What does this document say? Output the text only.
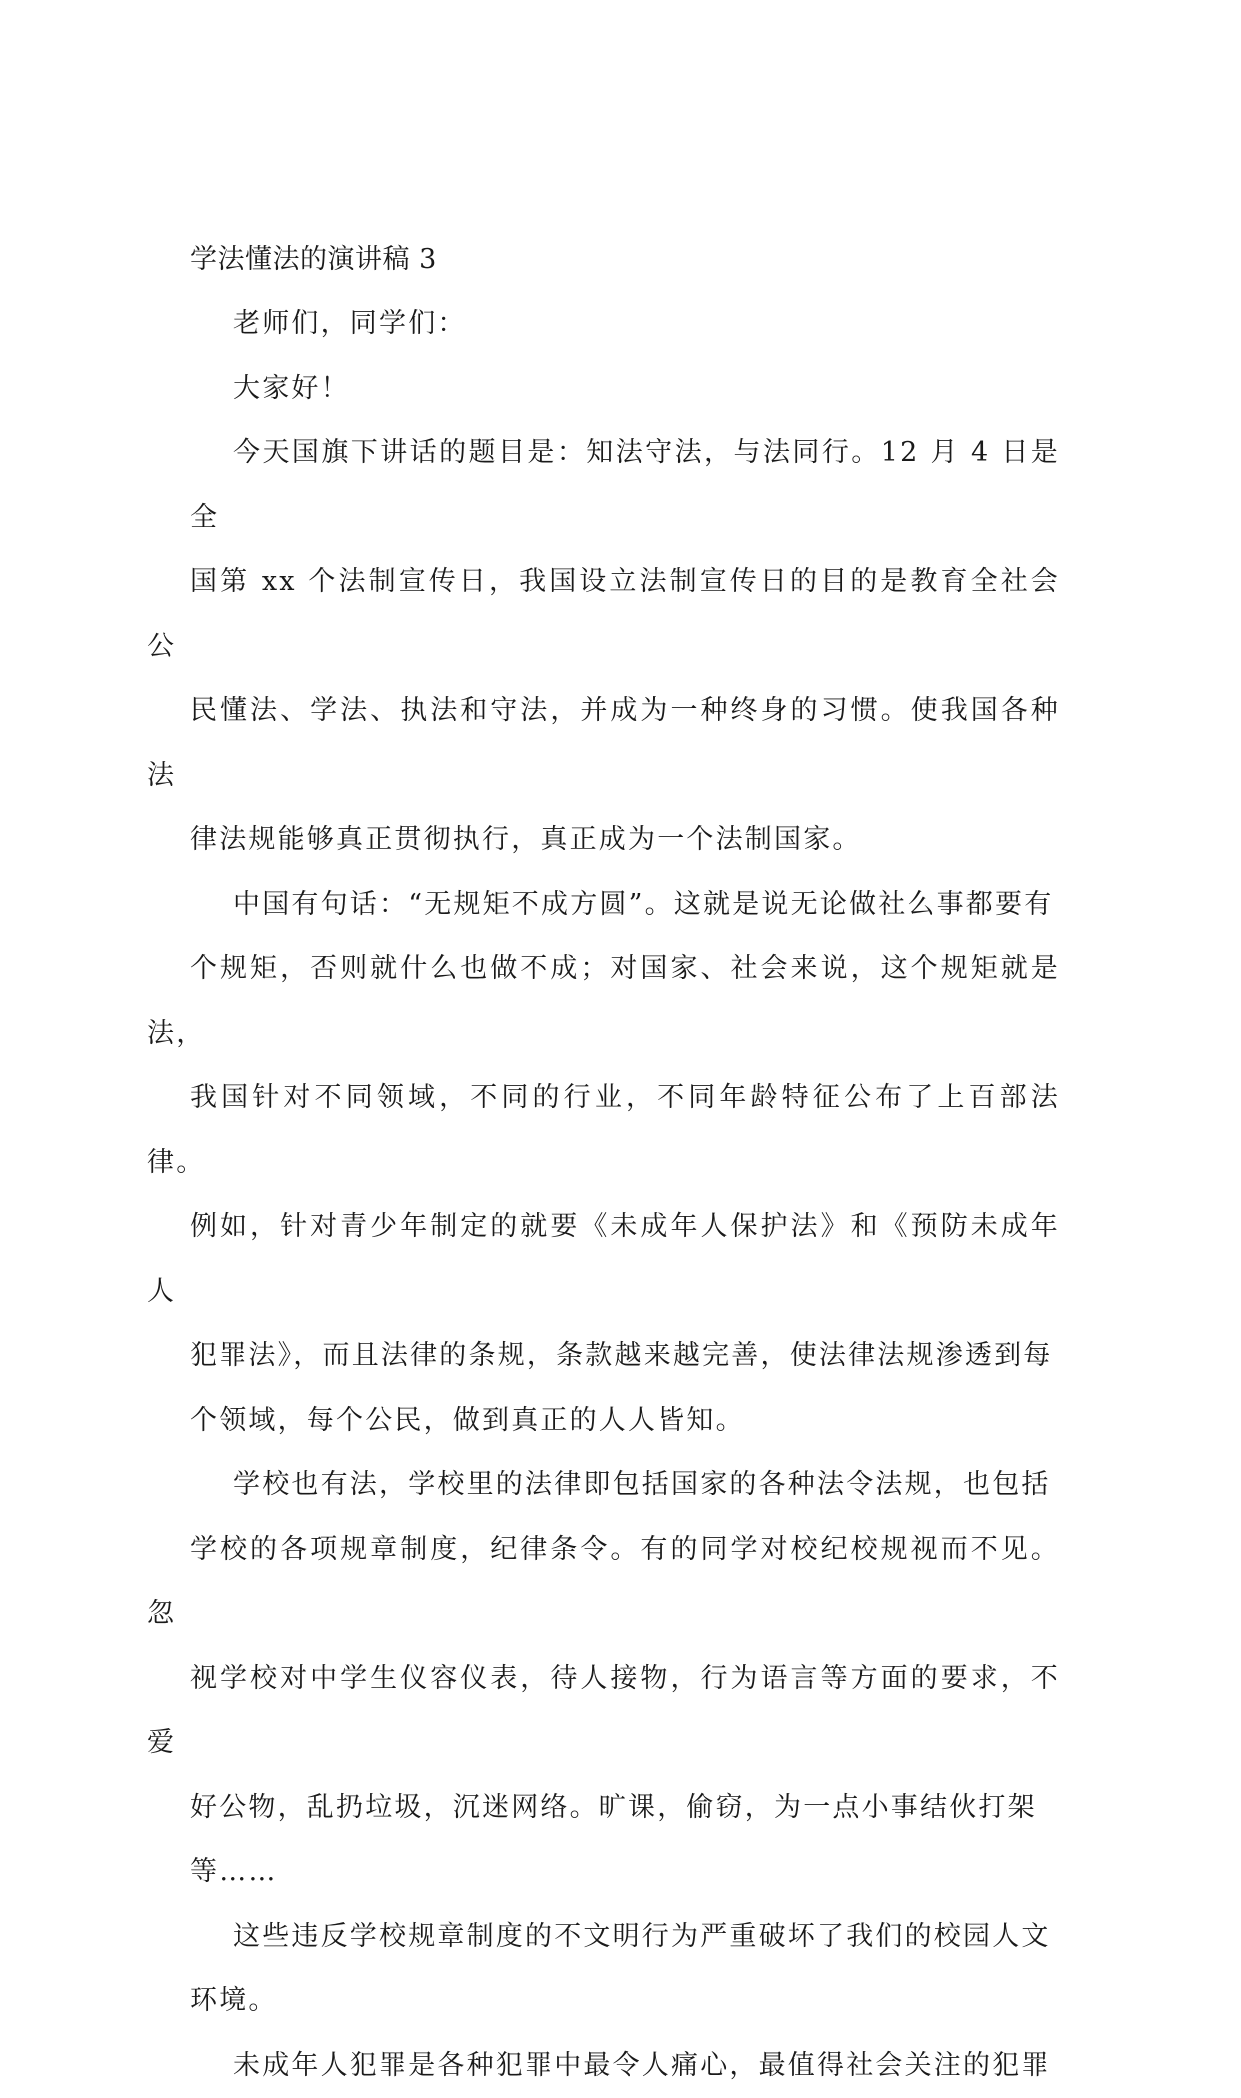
学法懂法的演讲稿 3

老师们，同学们：

大家好！

今天国旗下讲话的题目是：知法守法，与法同行。12 月 4 日是全
国第 xx 个法制宣传日，我国设立法制宣传日的目的是教育全社会公
民懂法、学法、执法和守法，并成为一种终身的习惯。使我国各种法
律法规能够真正贯彻执行，真正成为一个法制国家。

中国有句话：“无规矩不成方圆”。这就是说无论做社么事都要有
个规矩，否则就什么也做不成；对国家、社会来说，这个规矩就是法，
我国针对不同领域，不同的行业，不同年龄特征公布了上百部法律。
例如，针对青少年制定的就要《未成年人保护法》和《预防未成年人
犯罪法》，而且法律的条规，条款越来越完善，使法律法规渗透到每
个领域，每个公民，做到真正的人人皆知。

学校也有法，学校里的法律即包括国家的各种法令法规，也包括
学校的各项规章制度，纪律条令。有的同学对校纪校规视而不见。忽
视学校对中学生仪容仪表，待人接物，行为语言等方面的要求，不爱
好公物，乱扔垃圾，沉迷网络。旷课，偷窃，为一点小事结伙打架
等……

这些违反学校规章制度的不文明行为严重破坏了我们的校园人文
环境。

未成年人犯罪是各种犯罪中最令人痛心，最值得社会关注的犯罪
